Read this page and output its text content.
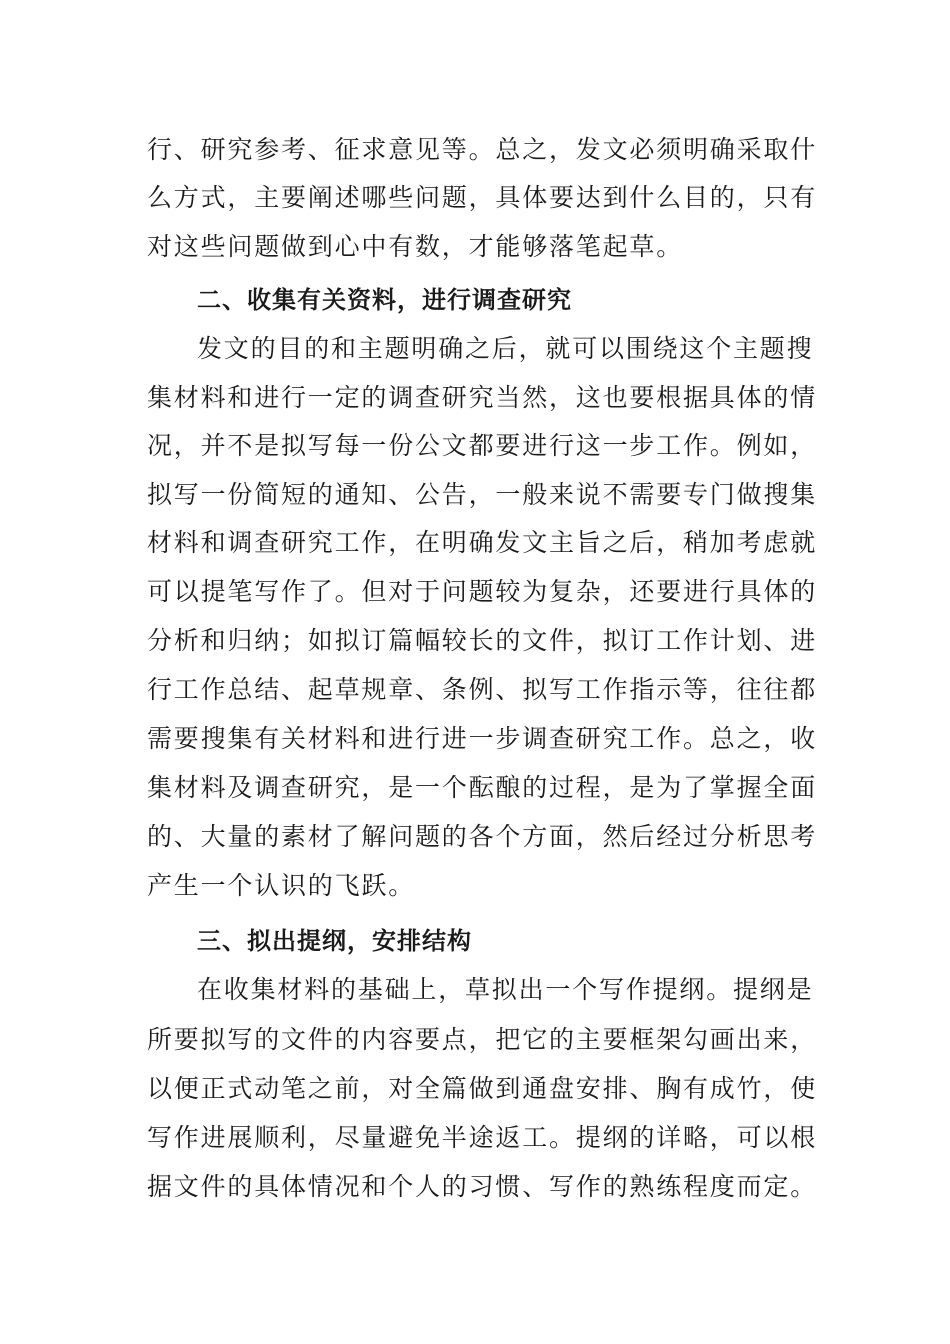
行、研究参考、征求意见等。总之，发文必须明确采取什
么方式，主要阐述哪些问题，具体要达到什么目的，只有
对这些问题做到心中有数，才能够落笔起草。
二、收集有关资料，进行调查研究
发文的目的和主题明确之后，就可以围绕这个主题搜
集材料和进行一定的调查研究当然，这也要根据具体的情
况，并不是拟写每一份公文都要进行这一步工作。例如，
拟写一份简短的通知、公告，一般来说不需要专门做搜集
材料和调查研究工作，在明确发文主旨之后，稍加考虑就
可以提笔写作了。但对于问题较为复杂，还要进行具体的
分析和归纳；如拟订篇幅较长的文件，拟订工作计划、进
行工作总结、起草规章、条例、拟写工作指示等，往往都
需要搜集有关材料和进行进一步调查研究工作。总之，收
集材料及调查研究，是一个酝酿的过程，是为了掌握全面
的、大量的素材了解问题的各个方面，然后经过分析思考
产生一个认识的飞跃。
三、拟出提纲，安排结构
在收集材料的基础上，草拟出一个写作提纲。提纲是
所要拟写的文件的内容要点，把它的主要框架勾画出来，
以便正式动笔之前，对全篇做到通盘安排、胸有成竹，使
写作进展顺利，尽量避免半途返工。提纲的详略，可以根
据文件的具体情况和个人的习惯、写作的熟练程度而定。
